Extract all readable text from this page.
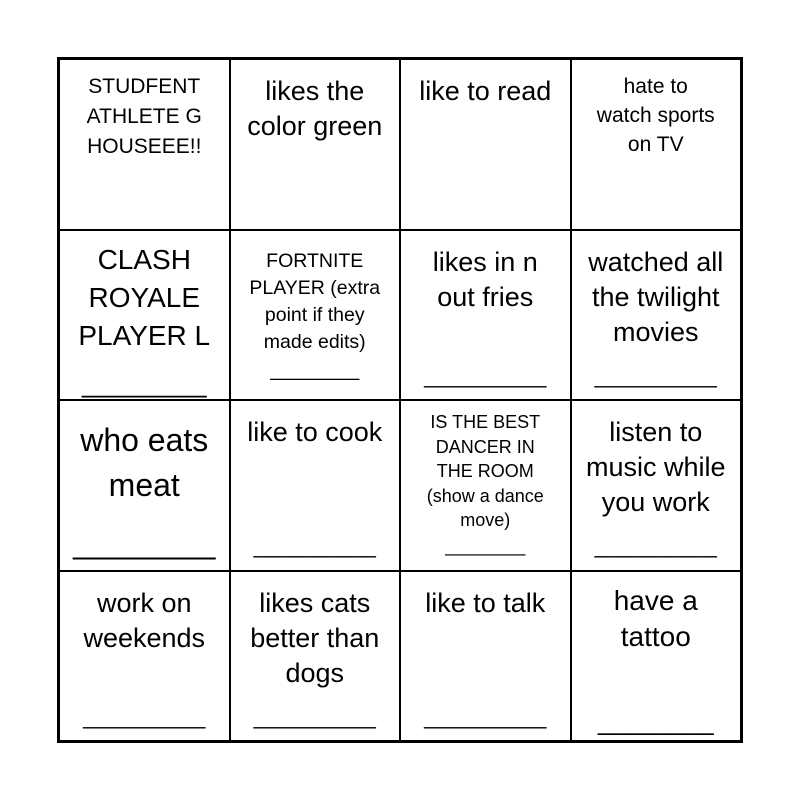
STUDFENT
ATHLETE G
HOUSEEE!!
likes the
color green
like to read	hate to
watch sports
on TV
CLASH
ROYALE
PLAYER L
________
FORTNITE
PLAYER (extra
point if they
made edits)
________
likes in n
out fries
__________
watched all
the twilight
movies
__________
who eats
meat
________
like to cook
__________
IS THE BEST
DANCER IN
THE ROOM
(show a dance
move)
________
listen to
music while
you work
__________
work on
weekends
__________
likes cats
better than
dogs
__________
like to talk
__________
have a
tattoo
________
